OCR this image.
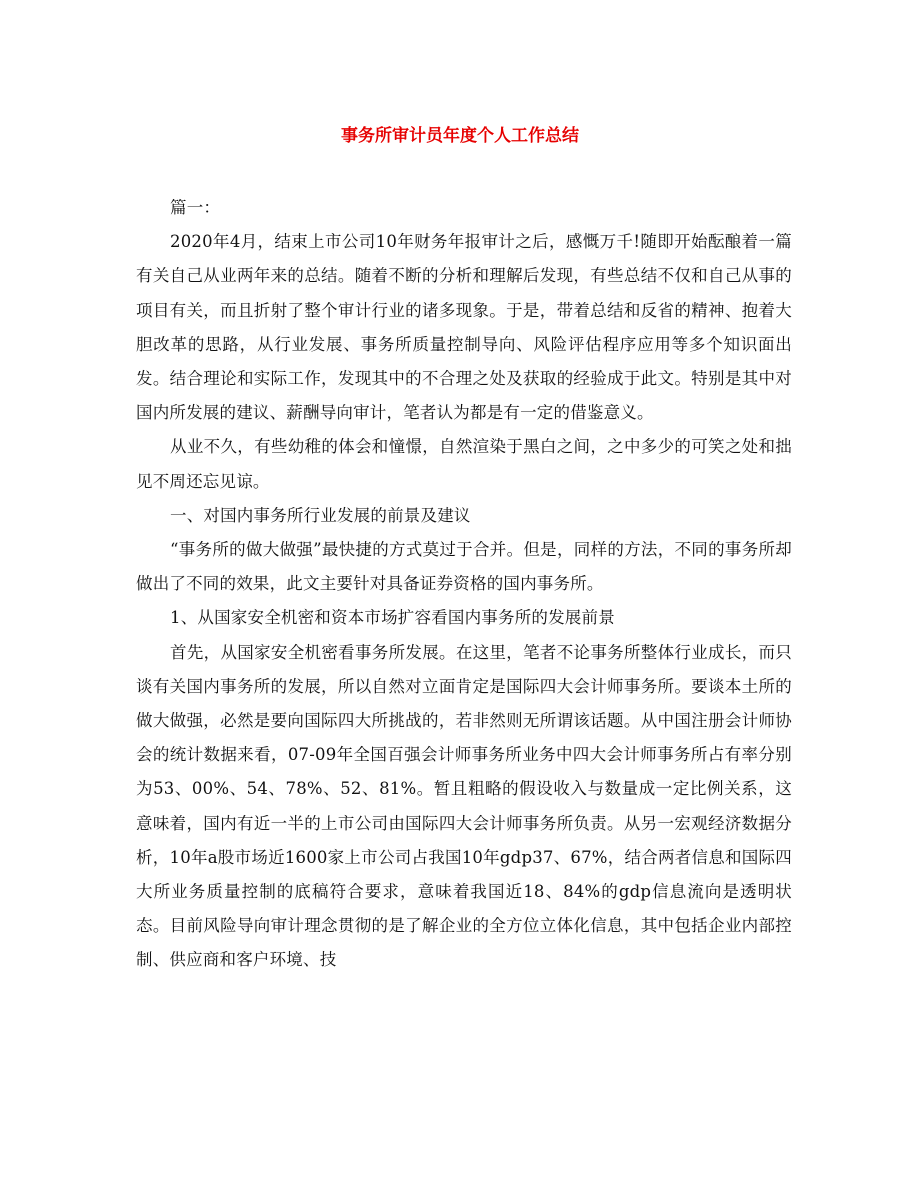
事务所审计员年度个人工作总结

篇一：

2020年4月，结束上市公司10年财务年报审计之后，感慨万千!随即开始酝酿着一篇有关自己从业两年来的总结。随着不断的分析和理解后发现，有些总结不仅和自己从事的项目有关，而且折射了整个审计行业的诸多现象。于是，带着总结和反省的精神、抱着大胆改革的思路，从行业发展、事务所质量控制导向、风险评估程序应用等多个知识面出发。结合理论和实际工作，发现其中的不合理之处及获取的经验成于此文。特别是其中对国内所发展的建议、薪酬导向审计，笔者认为都是有一定的借鉴意义。

从业不久，有些幼稚的体会和憧憬，自然渲染于黑白之间，之中多少的可笑之处和拙见不周还忘见谅。

一、对国内事务所行业发展的前景及建议

“事务所的做大做强”最快捷的方式莫过于合并。但是，同样的方法，不同的事务所却做出了不同的效果，此文主要针对具备证券资格的国内事务所。

1、从国家安全机密和资本市场扩容看国内事务所的发展前景

首先，从国家安全机密看事务所发展。在这里，笔者不论事务所整体行业成长，而只谈有关国内事务所的发展，所以自然对立面肯定是国际四大会计师事务所。要谈本土所的做大做强，必然是要向国际四大所挑战的，若非然则无所谓该话题。从中国注册会计师协会的统计数据来看，07-09年全国百强会计师事务所业务中四大会计师事务所占有率分别为53、00%、54、78%、52、81%。暂且粗略的假设收入与数量成一定比例关系，这意味着，国内有近一半的上市公司由国际四大会计师事务所负责。从另一宏观经济数据分析，10年a股市场近1600家上市公司占我国10年gdp37、67%，结合两者信息和国际四大所业务质量控制的底稿符合要求，意味着我国近18、84%的gdp信息流向是透明状态。目前风险导向审计理念贯彻的是了解企业的全方位立体化信息，其中包括企业内部控制、供应商和客户环境、技
